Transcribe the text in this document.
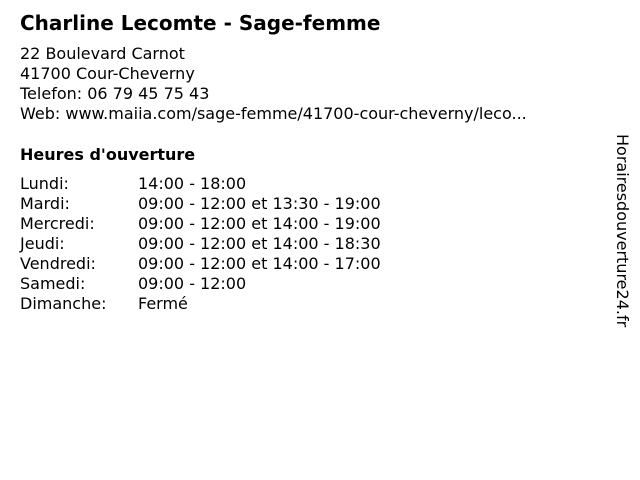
Charline Lecomte - Sage-femme
22 Boulevard Carnot
41700 Cour-Cheverny
Telefon: 06 79 45 75 43
Web: www.maiia.com/sage-femme/41700-cour-cheverny/leco...
Heures d'ouverture
Lundi:	14:00 - 18:00
Mardi:	09:00 - 12:00 et 13:30 - 19:00
Mercredi:	09:00 - 12:00 et 14:00 - 19:00
Jeudi:	09:00 - 12:00 et 14:00 - 18:30
Vendredi:	09:00 - 12:00 et 14:00 - 17:00
Samedi:	09:00 - 12:00
Dimanche: Fermé	Horairesdouverture24.fr
